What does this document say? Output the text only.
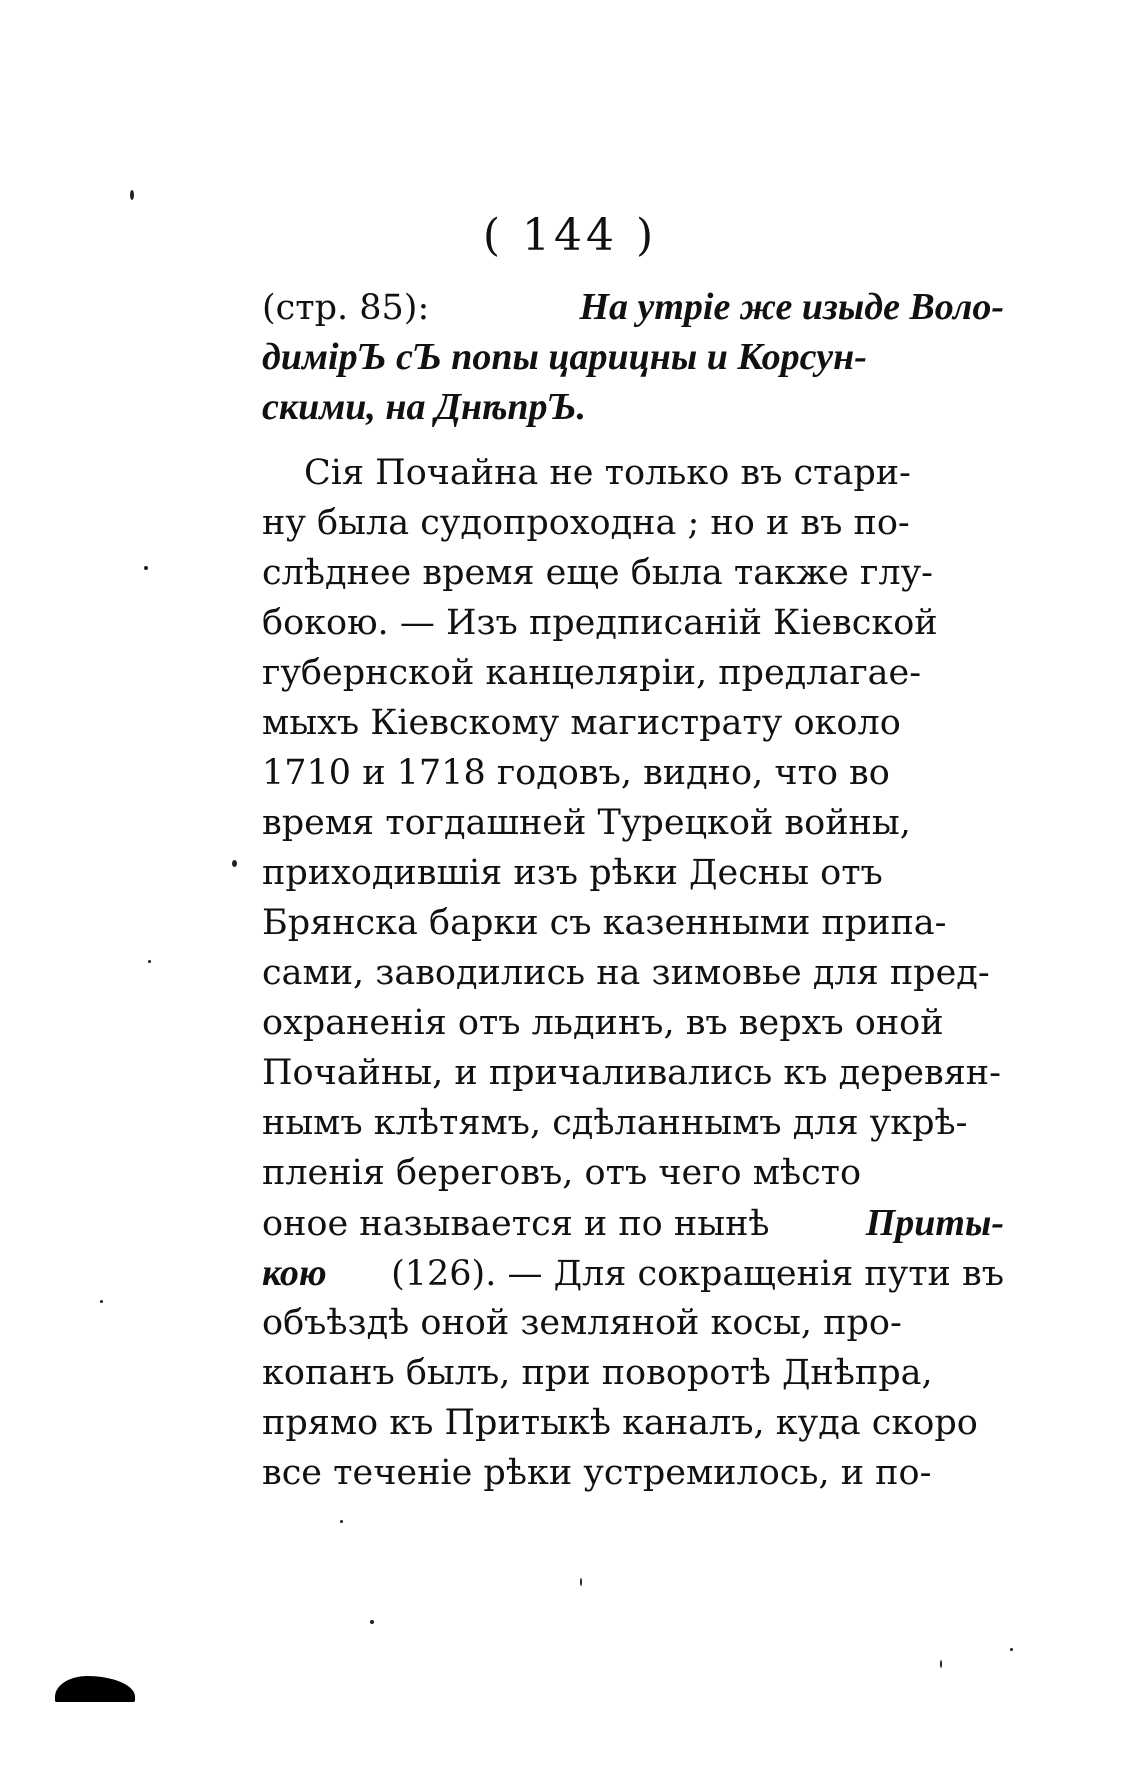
( 144 )
(стр. 85):	На утріе же изыде Воло-
димірЪ сЪ попы царицны и Корсун-
скими, на ДнѣпрЪ.
Сія Почайна не только въ стари-
ну была судопроходна ; но и въ по-
слѣднее время еще была также глу-
бокою. — Изъ предписаній Кіевской
губернской канцеляріи, предлагае-
мыхъ Кіевскому магистрату около
1710 и 1718 годовъ, видно, что во
время тогдашней Турецкой войны,
приходившія изъ рѣки Десны отъ
Брянска барки съ казенными припа-
сами, заводились на зимовье для пред-
охраненія отъ льдинъ, въ верхъ оной
Почайны, и причаливались къ деревян-
нымъ клѣтямъ, сдѣланнымъ для укрѣ-
пленія береговъ, отъ чего мѣсто
оное называется и по нынѣ	Приты-
кою (126). — Для сокращенія пути въ
объѣздѣ оной земляной косы, про-
копанъ былъ, при поворотѣ Днѣпра,
прямо къ Притыкѣ каналъ, куда скоро
все теченіе рѣки устремилось, и по-
